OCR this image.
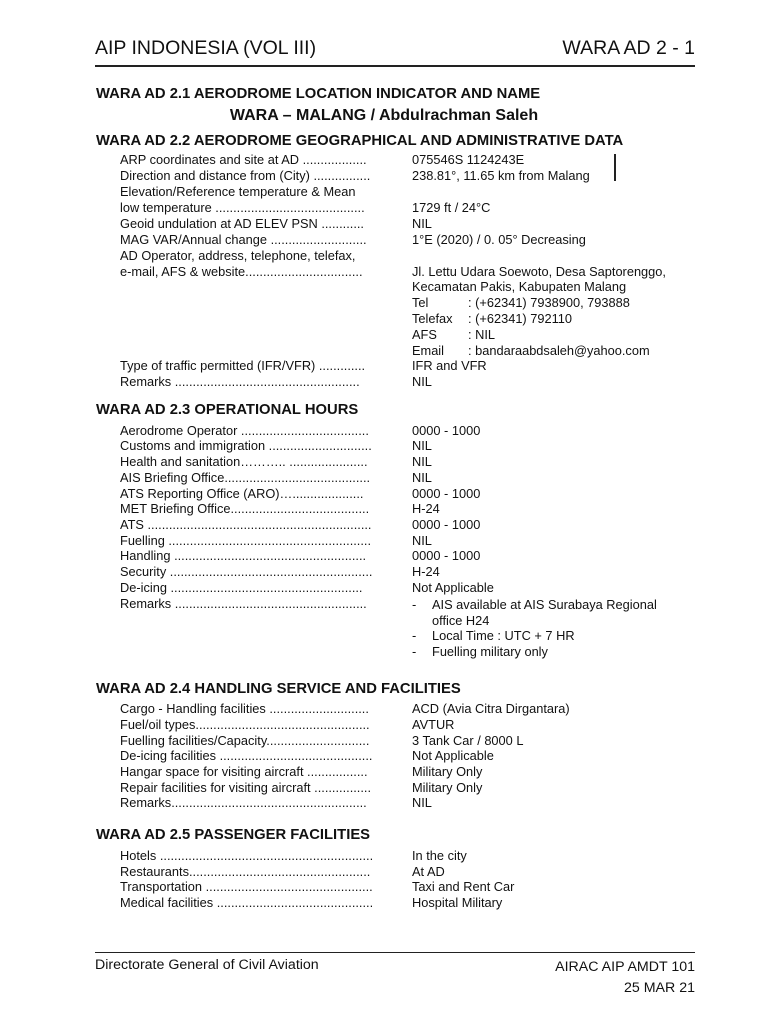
AIP INDONESIA (VOL III)	WARA AD 2 - 1
WARA AD 2.1 AERODROME LOCATION INDICATOR AND NAME
WARA – MALANG / Abdulrachman Saleh
WARA AD 2.2 AERODROME GEOGRAPHICAL AND ADMINISTRATIVE DATA
ARP coordinates and site at AD ..................	075546S 1124243E
Direction and distance from (City) ................	238.81°, 11.65 km from Malang
Elevation/Reference temperature & Mean
low temperature ..........................................	1729 ft / 24°C
Geoid undulation at AD ELEV PSN ............	NIL
MAG VAR/Annual change ...........................	1°E (2020) / 0. 05° Decreasing
AD Operator, address, telephone, telefax,
e-mail, AFS & website.................................	Jl. Lettu Udara Soewoto, Desa Saptorenggo,
Kecamatan Pakis, Kabupaten Malang
Tel	: (+62341) 7938900, 793888
Telefax : (+62341) 792110
AFS : NIL
Email : bandaraabdsaleh@yahoo.com
Type of traffic permitted (IFR/VFR) .............	IFR and VFR
Remarks ....................................................	NIL
WARA AD 2.3 OPERATIONAL HOURS
Aerodrome Operator ....................................	0000 - 1000
Customs and immigration .............................	NIL
Health and sanitation……….. ......................	NIL
AIS Briefing Office.........................................	NIL
ATS Reporting Office (ARO)…....................	0000 - 1000
MET Briefing Office.......................................	H-24
ATS ...............................................................	0000 - 1000
Fuelling .........................................................	NIL
Handling ......................................................	0000 - 1000
Security .........................................................	H-24
De-icing ......................................................	Not Applicable
Remarks ......................................................	- AIS available at AIS Surabaya Regional
office H24
- Local Time : UTC + 7 HR
- Fuelling military only
WARA AD 2.4 HANDLING SERVICE AND FACILITIES
Cargo - Handling facilities ............................	ACD (Avia Citra Dirgantara)
Fuel/oil types.................................................	AVTUR
Fuelling facilities/Capacity.............................	3 Tank Car / 8000 L
De-icing facilities ...........................................	Not Applicable
Hangar space for visiting aircraft .................	Military Only
Repair facilities for visiting aircraft ................	Military Only
Remarks.......................................................	NIL
WARA AD 2.5 PASSENGER FACILITIES
Hotels ............................................................	In the city
Restaurants...................................................	At AD
Transportation ...............................................	Taxi and Rent Car
Medical facilities ............................................	Hospital Military
Directorate General of Civil Aviation	AIRAC AIP AMDT 101
25 MAR 21
